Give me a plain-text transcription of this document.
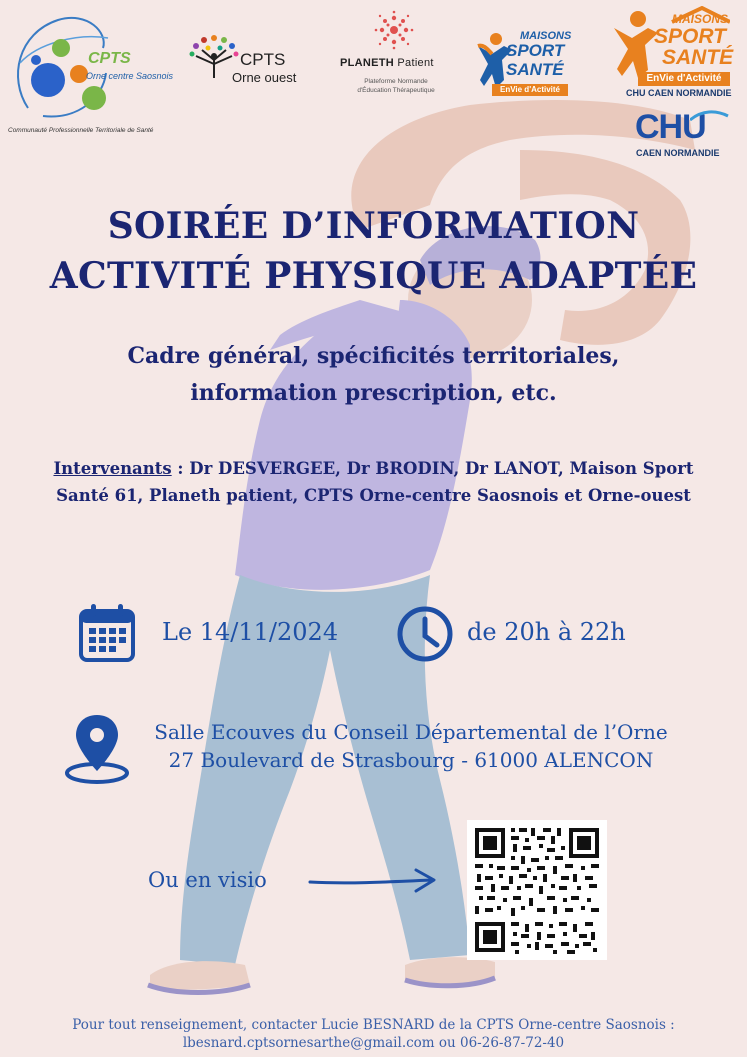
CPTS
Orne centre Saosnois
Communauté Professionnelle Territoriale de Santé
CPTS
Orne ouest
PLANETH Patient
Plateforme Normande
d'Éducation Thérapeutique
MAISONS
SPORT
SANTÉ
EnVie d'Activité
MAISONS
SPORT
SANTÉ
EnVie d'Activité
CHU CAEN NORMANDIE
CHU
CAEN NORMANDIE
SOIRÉE D’INFORMATION
ACTIVITÉ PHYSIQUE ADAPTÉE
Cadre général, spécificités territoriales,
information prescription, etc.
Intervenants : Dr DESVERGEE, Dr BRODIN, Dr LANOT, Maison Sport Santé 61, Planeth patient, CPTS Orne-centre Saosnois et Orne-ouest
Le 14/11/2024	de 20h à 22h
Salle Ecouves du Conseil Départemental de l’Orne
27 Boulevard de Strasbourg - 61000 ALENCON
Ou en visio
Pour tout renseignement, contacter Lucie BESNARD de la CPTS Orne-centre Saosnois :
lbesnard.cptsornesarthe@gmail.com ou 06-26-87-72-40
